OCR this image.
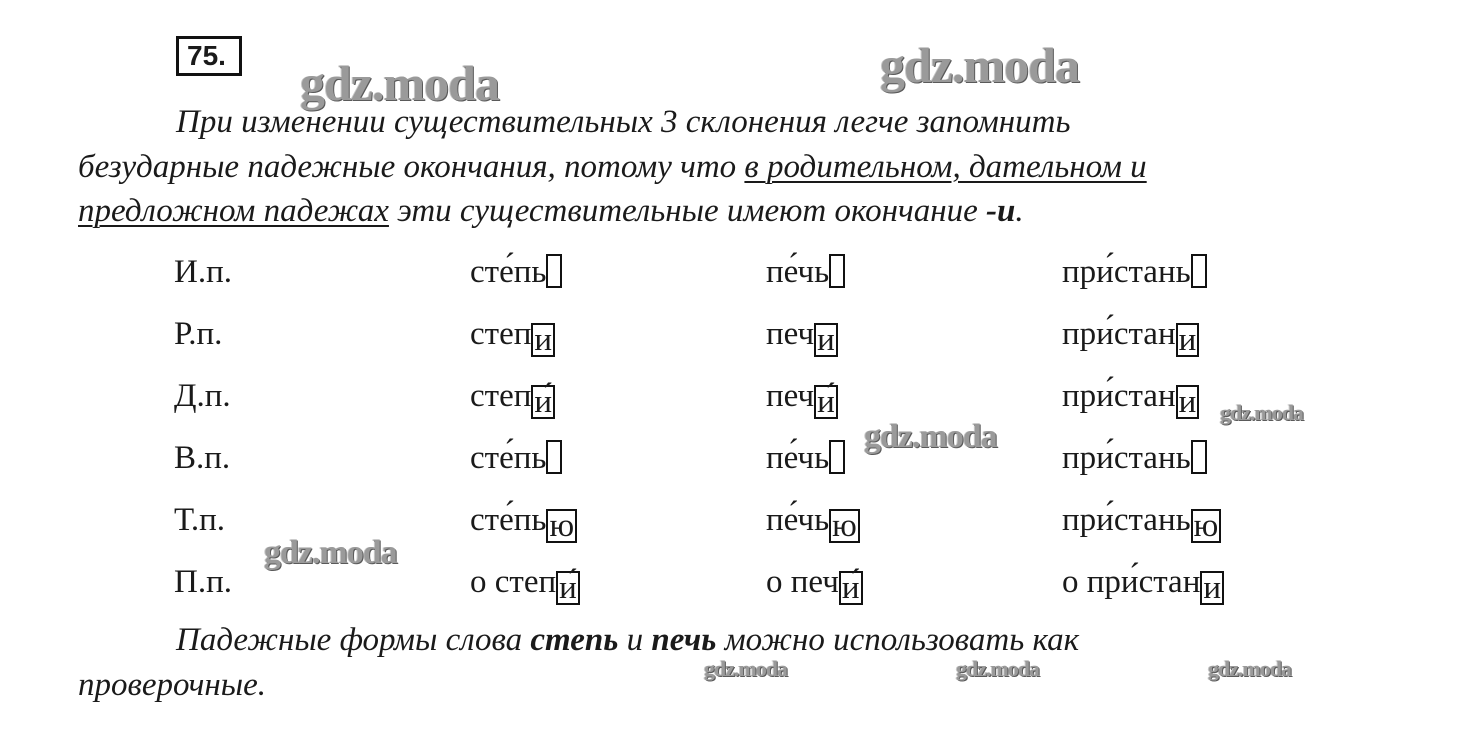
75.	gdz.moda	gdz.moda
gdz.moda
gdz.moda
gdz.moda
gdz.moda	gdz.moda	gdz.moda
При изменении существительных 3 склонения легче запомнить
безударные падежные окончания, потому что в родительном, дательном и
предложном падежах эти существительные имеют окончание -и.
И.п.	сте́пь	пе́чь	при́стань
Р.п.	степи	печи	при́стани
Д.п.	степи́	печи́	при́стани
В.п.	сте́пь	пе́чь	при́стань
Т.п.	сте́пью	пе́чью	при́станью
П.п.	о степи́	о печи́	о при́стани
Падежные формы слова степь и печь можно использовать как
проверочные.
